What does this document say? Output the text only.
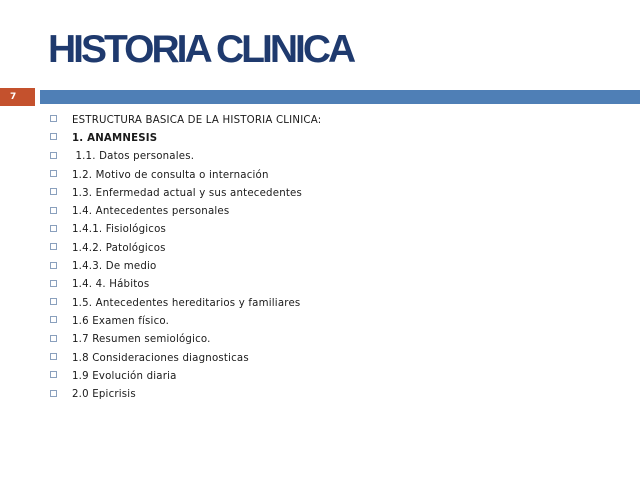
HISTORIA CLINICA
7
ESTRUCTURA BASICA DE LA HISTORIA CLINICA:
1. ANAMNESIS
1.1. Datos personales.
1.2. Motivo de consulta o internación
1.3. Enfermedad actual y sus antecedentes
1.4. Antecedentes personales
1.4.1. Fisiológicos
1.4.2. Patológicos
1.4.3. De medio
1.4. 4. Hábitos
1.5. Antecedentes hereditarios y familiares
1.6 Examen físico.
1.7 Resumen semiológico.
1.8 Consideraciones diagnosticas
1.9 Evolución diaria
2.0 Epicrisis
